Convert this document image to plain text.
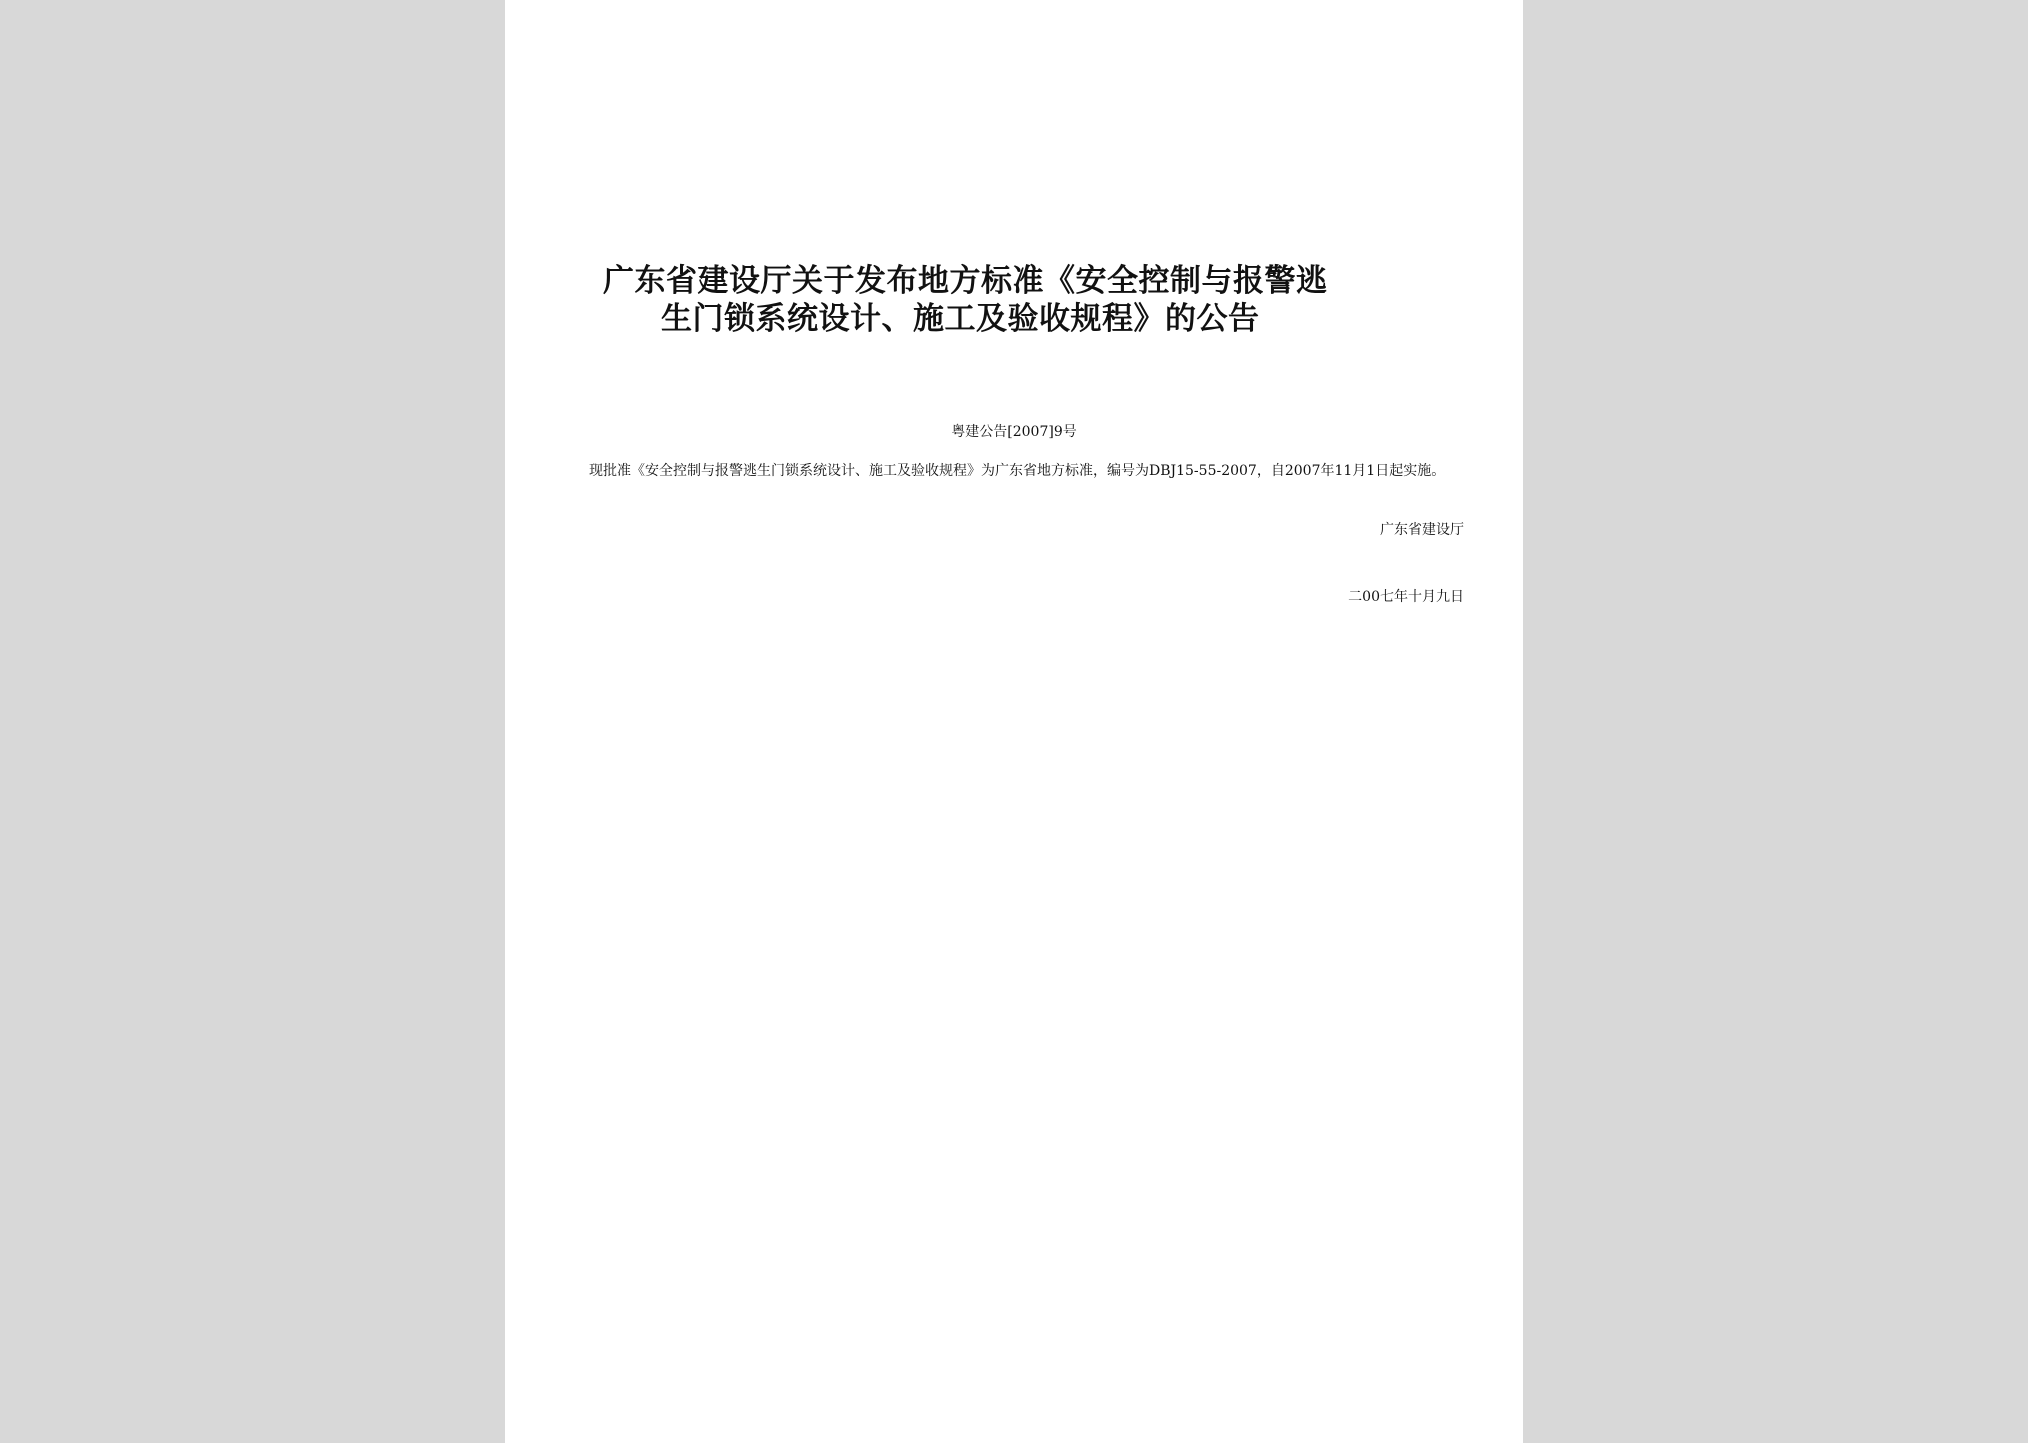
广东省建设厅关于发布地方标准《安全控制与报警逃
生门锁系统设计、施工及验收规程》的公告
粤建公告[2007]9号
现批准《安全控制与报警逃生门锁系统设计、施工及验收规程》为广东省地方标准，编号为DBJ15-55-2007，自2007年11月1日起实施。
广东省建设厅
二00七年十月九日
